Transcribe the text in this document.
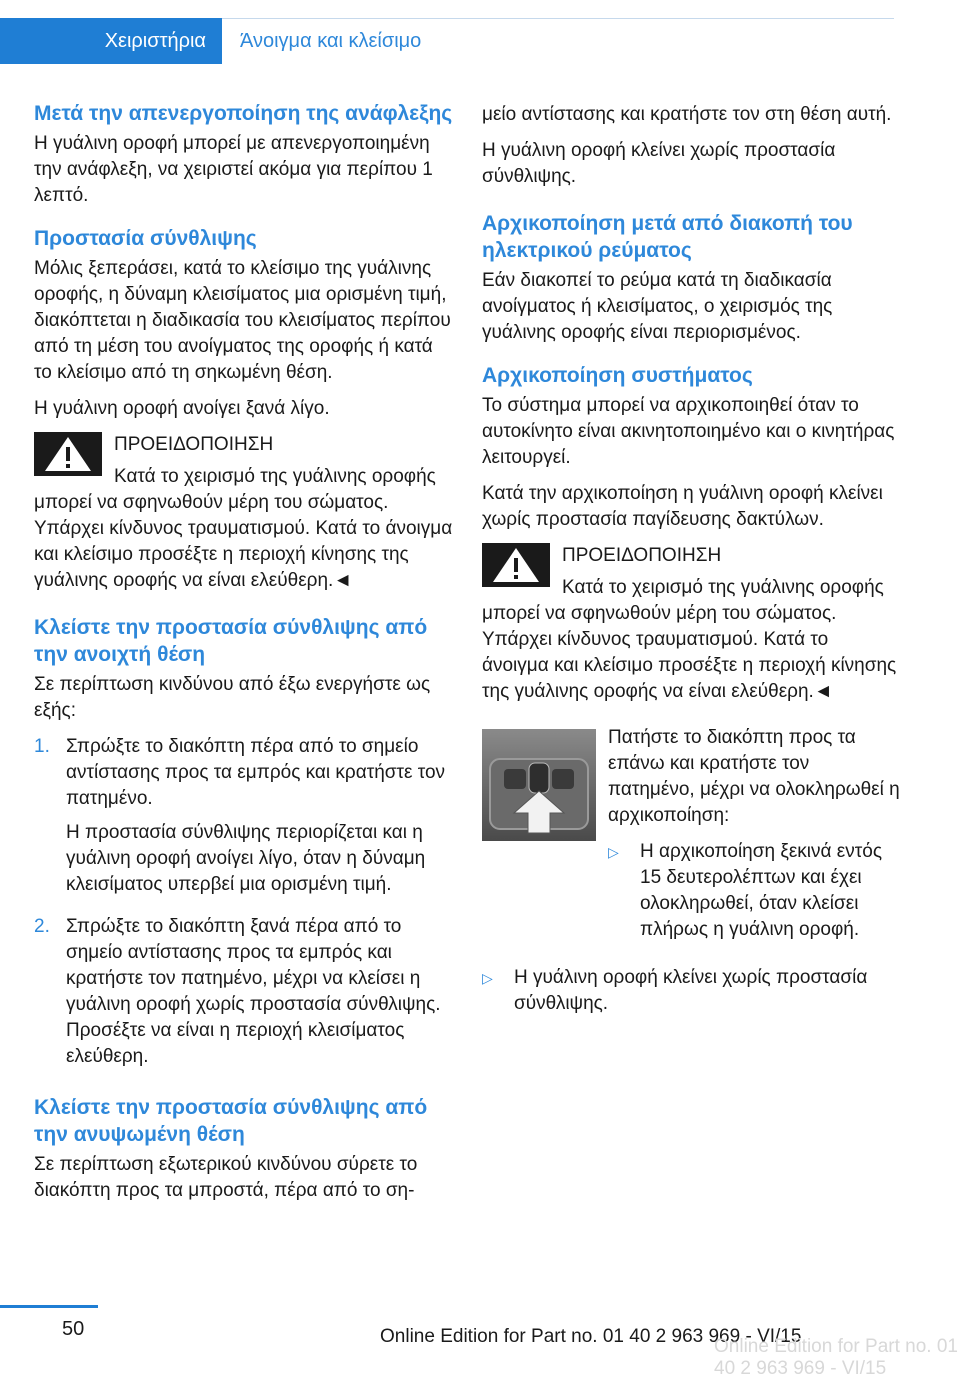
Χειριστήρια Άνοιγμα και κλείσιμο
Μετά την απενεργοποίηση της ανάφλεξης

Η γυάλινη οροφή μπορεί με απενεργοποιημένη την ανάφλεξη, να χειριστεί ακόμα για περίπου 1 λεπτό.

Προστασία σύνθλιψης

Μόλις ξεπεράσει, κατά το κλείσιμο της γυάλινης οροφής, η δύναμη κλεισίματος μια ορισμένη τιμή, διακόπτεται η διαδικασία του κλεισίματος περίπου από τη μέση του ανοίγματος της οροφής ή κατά το κλείσιμο από τη σηκωμένη θέση.

Η γυάλινη οροφή ανοίγει ξανά λίγο.

ΠΡΟΕΙΔΟΠΟΙΗΣΗ
Κατά το χειρισμό της γυάλινης οροφής
μπορεί να σφηνωθούν μέρη του σώματος. Υπάρχει κίνδυνος τραυματισμού. Κατά το άνοιγμα και κλείσιμο προσέξτε η περιοχή κίνησης της γυάλινης οροφής να είναι ελεύθερη.◄
Κλείστε την προστασία σύνθλιψης από την ανοιχτή θέση

Σε περίπτωση κινδύνου από έξω ενεργήστε ως εξής:

1. Σπρώξτε το διακόπτη πέρα από το σημείο αντίστασης προς τα εμπρός και κρατήστε τον πατημένο.

Η προστασία σύνθλιψης περιορίζεται και η γυάλινη οροφή ανοίγει λίγο, όταν η δύναμη κλεισίματος υπερβεί μια ορισμένη τιμή.

2. Σπρώξτε το διακόπτη ξανά πέρα από το σημείο αντίστασης προς τα εμπρός και κρατήστε τον πατημένο, μέχρι να κλείσει η γυάλινη οροφή χωρίς προστασία σύνθλιψης. Προσέξτε να είναι η περιοχή κλεισίματος ελεύθερη.

Κλείστε την προστασία σύνθλιψης από την ανυψωμένη θέση

Σε περίπτωση εξωτερικού κινδύνου σύρετε το διακόπτη προς τα μπροστά, πέρα από το ση-

μείο αντίστασης και κρατήστε τον στη θέση αυτή.

Η γυάλινη οροφή κλείνει χωρίς προστασία σύνθλιψης.

Αρχικοποίηση μετά από διακοπή του ηλεκτρικού ρεύματος

Εάν διακοπεί το ρεύμα κατά τη διαδικασία ανοίγματος ή κλεισίματος, ο χειρισμός της γυάλινης οροφής είναι περιορισμένος.

Αρχικοποίηση συστήματος

Το σύστημα μπορεί να αρχικοποιηθεί όταν το αυτοκίνητο είναι ακινητοποιημένο και ο κινητήρας λειτουργεί.

Κατά την αρχικοποίηση η γυάλινη οροφή κλείνει χωρίς προστασία παγίδευσης δακτύλων.

ΠΡΟΕΙΔΟΠΟΙΗΣΗ
Κατά το χειρισμό της γυάλινης οροφής
μπορεί να σφηνωθούν μέρη του σώματος. Υπάρχει κίνδυνος τραυματισμού. Κατά το άνοιγμα και κλείσιμο προσέξτε η περιοχή κίνησης της γυάλινης οροφής να είναι ελεύθερη.◄
Πατήστε το διακόπτη προς τα επάνω και κρατήστε τον πατημένο, μέχρι να ολοκληρωθεί η αρχικοποίηση:
▷	Η αρχικοποίηση ξεκινά εντός 15 δευτερολέπτων και έχει ολοκληρωθεί, όταν κλείσει πλήρως η γυάλινη οροφή.
▷	Η γυάλινη οροφή κλείνει χωρίς προστασία σύνθλιψης.
50	Online Edition for Part no. 01 40 2 963 969 - VI/15
Online Edition for Part no. 01 40 2 963 969 - VI/15
